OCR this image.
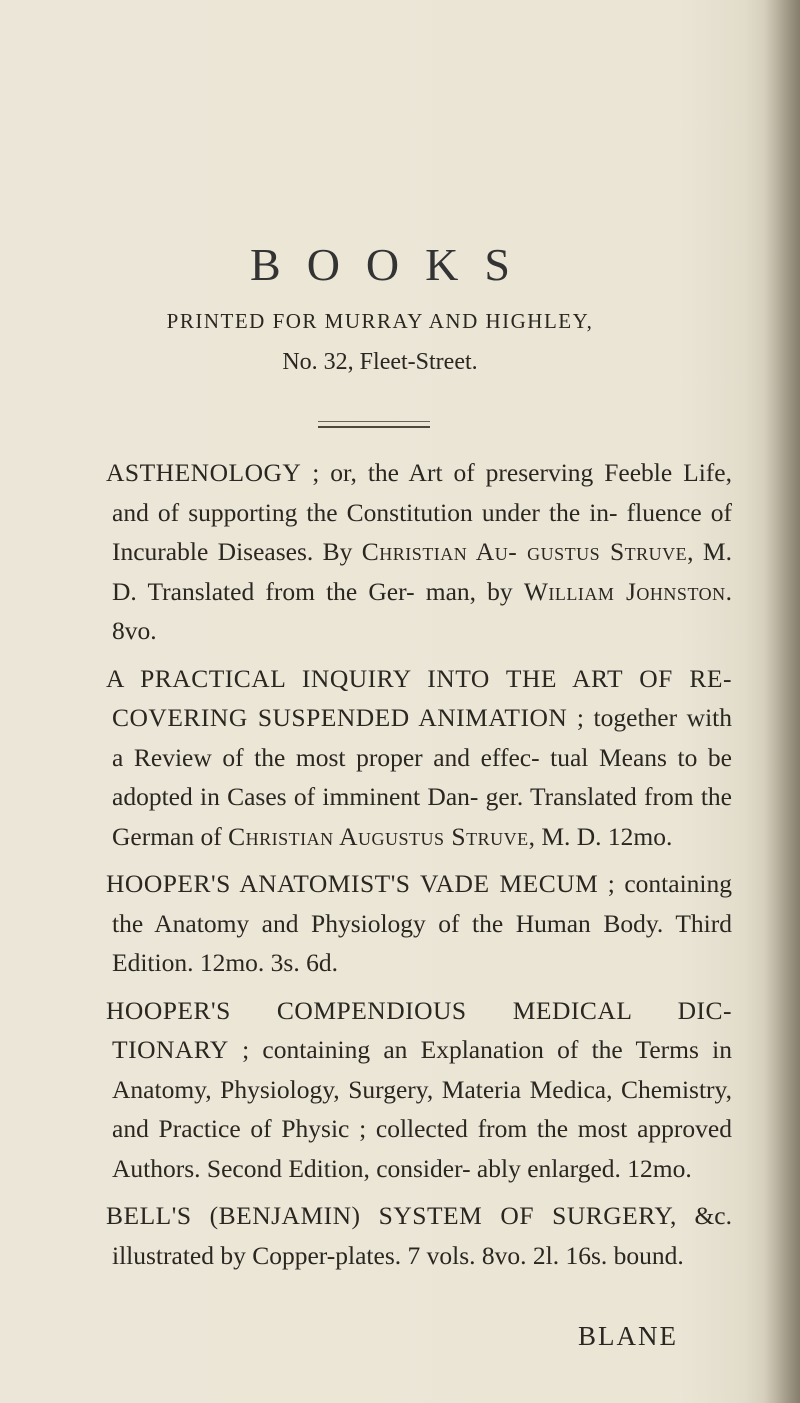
BOOKS
PRINTED FOR MURRAY AND HIGHLEY,
No. 32, Fleet-Street.

ASTHENOLOGY ; or, the Art of preserving Feeble Life, and of supporting the Constitution under the in- fluence of Incurable Diseases. By Christian Au- gustus Struve, M. D. Translated from the Ger- man, by William Johnston. 8vo.

A PRACTICAL INQUIRY INTO THE ART OF RE- COVERING SUSPENDED ANIMATION ; together with a Review of the most proper and effec- tual Means to be adopted in Cases of imminent Dan- ger. Translated from the German of Christian Augustus Struve, M. D. 12mo.

HOOPER'S ANATOMIST'S VADE MECUM ; containing the Anatomy and Physiology of the Human Body. Third Edition. 12mo. 3s. 6d.

HOOPER'S COMPENDIOUS MEDICAL DIC- TIONARY ; containing an Explanation of the Terms in Anatomy, Physiology, Surgery, Materia Medica, Chemistry, and Practice of Physic ; collected from the most approved Authors. Second Edition, consider- ably enlarged. 12mo.

BELL'S (BENJAMIN) SYSTEM OF SURGERY, &c. illustrated by Copper-plates. 7 vols. 8vo. 2l. 16s. bound.

BLANE
